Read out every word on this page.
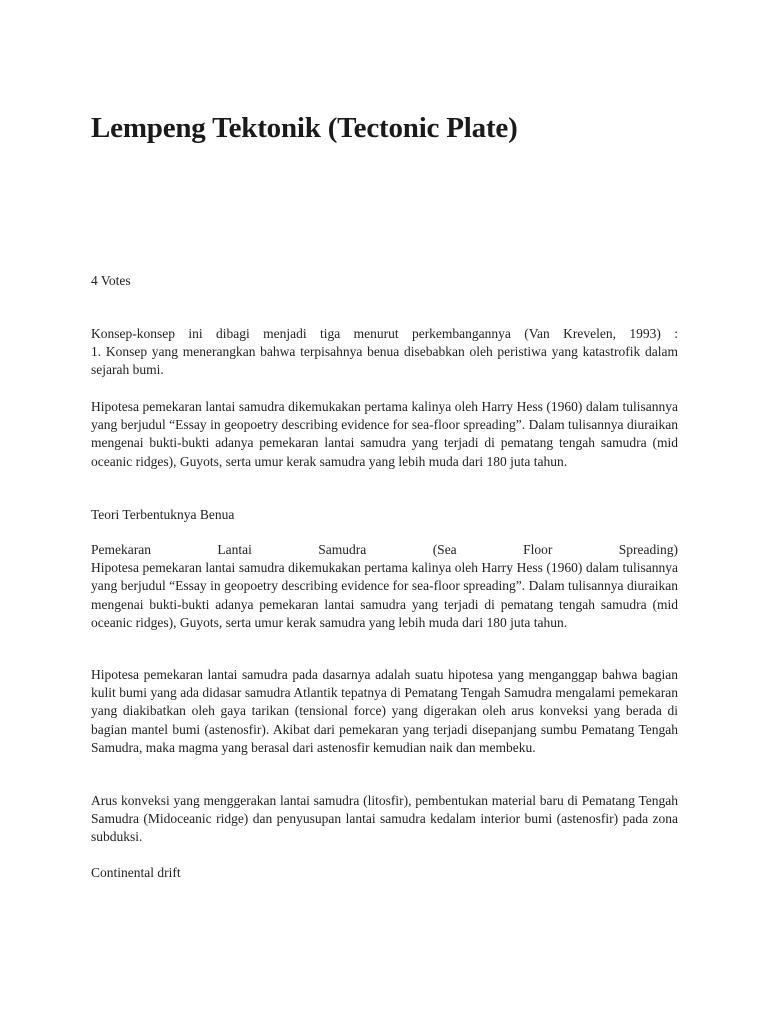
Lempeng Tektonik (Tectonic Plate)
4 Votes

Konsep-konsep ini dibagi menjadi tiga menurut perkembangannya (Van Krevelen, 1993) :

1. Konsep yang menerangkan bahwa terpisahnya benua disebabkan oleh peristiwa yang katastrofik dalam sejarah bumi.

Hipotesa pemekaran lantai samudra dikemukakan pertama kalinya oleh Harry Hess (1960) dalam tulisannya yang berjudul “Essay in geopoetry describing evidence for sea-floor spreading”. Dalam tulisannya diuraikan mengenai bukti-bukti adanya pemekaran lantai samudra yang terjadi di pematang tengah samudra (mid oceanic ridges), Guyots, serta umur kerak samudra yang lebih muda dari 180 juta tahun.
Teori Terbentuknya Benua

Pemekaran Lantai Samudra (Sea Floor Spreading)

Hipotesa pemekaran lantai samudra dikemukakan pertama kalinya oleh Harry Hess (1960) dalam tulisannya yang berjudul “Essay in geopoetry describing evidence for sea-floor spreading”. Dalam tulisannya diuraikan mengenai bukti-bukti adanya pemekaran lantai samudra yang terjadi di pematang tengah samudra (mid oceanic ridges), Guyots, serta umur kerak samudra yang lebih muda dari 180 juta tahun.

Hipotesa pemekaran lantai samudra pada dasarnya adalah suatu hipotesa yang menganggap bahwa bagian kulit bumi yang ada didasar samudra Atlantik tepatnya di Pematang Tengah Samudra mengalami pemekaran yang diakibatkan oleh gaya tarikan (tensional force) yang digerakan oleh arus konveksi yang berada di bagian mantel bumi (astenosfir). Akibat dari pemekaran yang terjadi disepanjang sumbu Pematang Tengah Samudra, maka magma yang berasal dari astenosfir kemudian naik dan membeku.
Arus konveksi yang menggerakan lantai samudra (litosfir), pembentukan material baru di Pematang Tengah Samudra (Midoceanic ridge) dan penyusupan lantai samudra kedalam interior bumi (astenosfir) pada zona subduksi.
Continental drift
